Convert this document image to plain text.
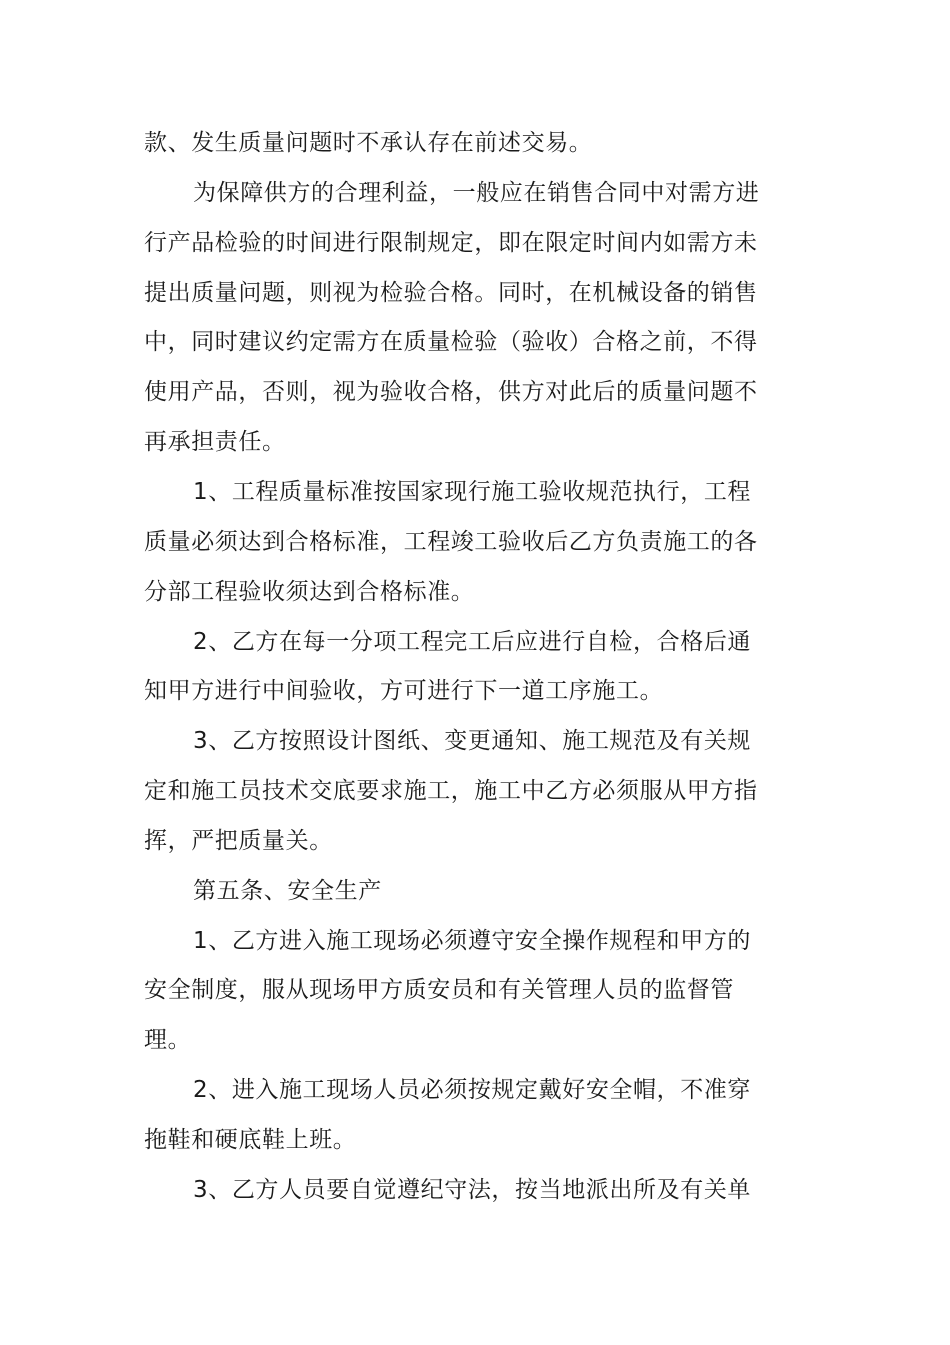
款、发生质量问题时不承认存在前述交易。

为保障供方的合理利益，一般应在销售合同中对需方进

行产品检验的时间进行限制规定，即在限定时间内如需方未

提出质量问题，则视为检验合格。同时，在机械设备的销售

中，同时建议约定需方在质量检验（验收）合格之前，不得

使用产品，否则，视为验收合格，供方对此后的质量问题不

再承担责任。

1、工程质量标准按国家现行施工验收规范执行，工程

质量必须达到合格标准，工程竣工验收后乙方负责施工的各

分部工程验收须达到合格标准。

2、乙方在每一分项工程完工后应进行自检，合格后通

知甲方进行中间验收，方可进行下一道工序施工。

3、乙方按照设计图纸、变更通知、施工规范及有关规

定和施工员技术交底要求施工，施工中乙方必须服从甲方指

挥，严把质量关。

第五条、安全生产

1、乙方进入施工现场必须遵守安全操作规程和甲方的

安全制度，服从现场甲方质安员和有关管理人员的监督管

理。

2、进入施工现场人员必须按规定戴好安全帽，不准穿

拖鞋和硬底鞋上班。

3、乙方人员要自觉遵纪守法，按当地派出所及有关单
